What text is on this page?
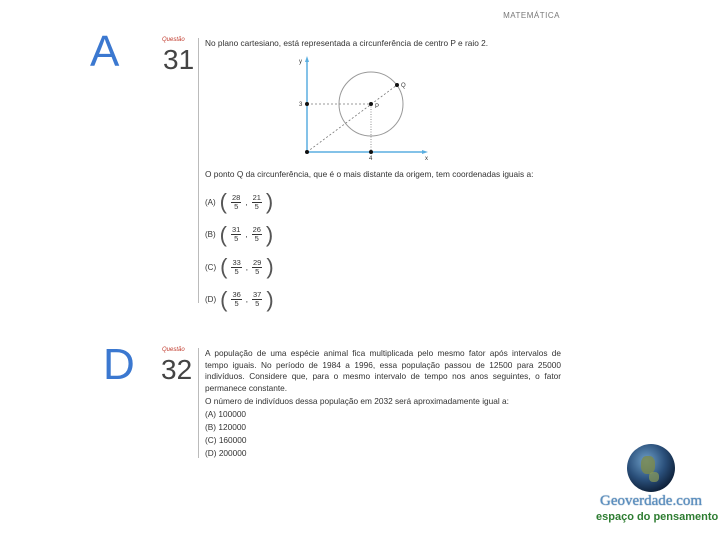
MATEMÁTICA
A	Questão
31
No plano cartesiano, está representada a circunferência de centro P e raio 2.
y
x
3
4
P
Q
O ponto Q da circunferência, que é o mais distante da origem, tem coordenadas iguais a:
(A) ( $\frac{28}{5}$ , $\frac{21}{5}$ )
(B) ( $\frac{31}{5}$ , $\frac{26}{5}$ )
(C) ( $\frac{33}{5}$ , $\frac{29}{5}$ )
(D) ( $\frac{36}{5}$ , $\frac{37}{5}$ )
D	Questão
32
A população de uma espécie animal fica multiplicada pelo mesmo fator após intervalos de tempo iguais. No período de 1984 a 1996, essa população passou de 12500 para 25000 indivíduos. Considere que, para o mesmo intervalo de tempo nos anos seguintes, o fator permanece constante.
O número de indivíduos dessa população em 2032 será aproximadamente igual a:
(A) 100000
(B) 120000
(C) 160000
(D) 200000
Geoverdade.com
espaço do pensamento
